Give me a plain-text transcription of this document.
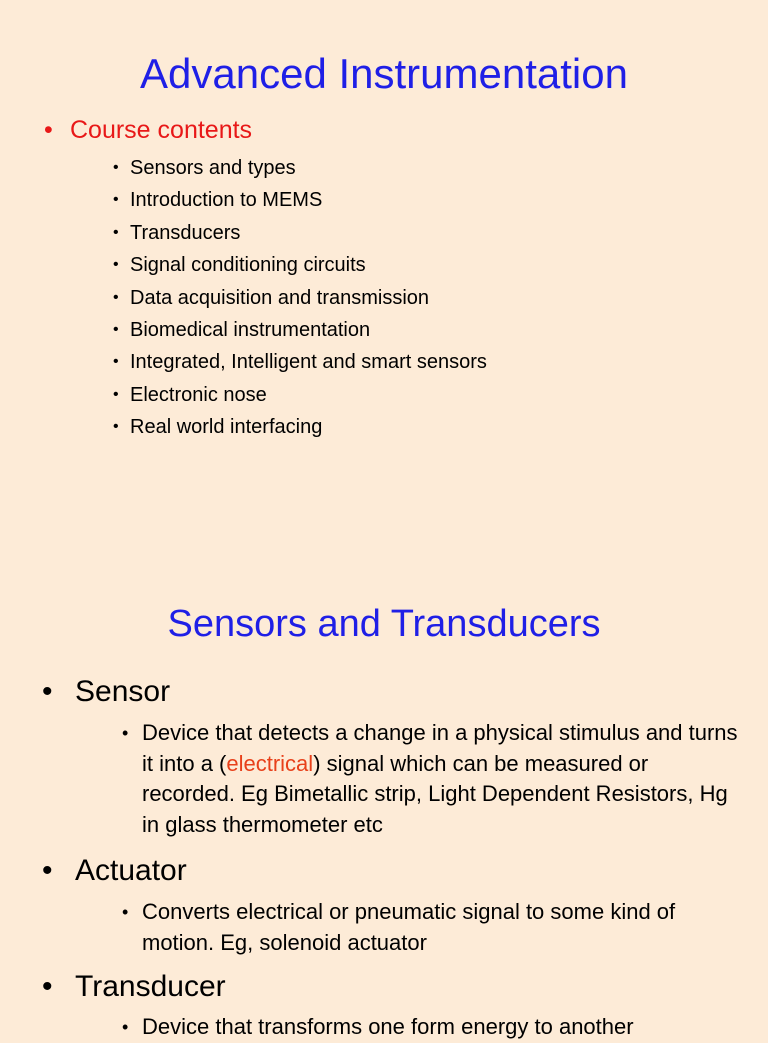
Advanced Instrumentation

• Course contents

• Sensors and types
• Introduction to MEMS
• Transducers
• Signal conditioning circuits
• Data acquisition and transmission
• Biomedical instrumentation
• Integrated, Intelligent and smart sensors
• Electronic nose
• Real world interfacing
Sensors and Transducers

• Sensor

• Device that detects a change in a physical stimulus and turns it into a (electrical) signal which can be measured or recorded. Eg Bimetallic strip, Light Dependent Resistors, Hg in glass thermometer etc

• Actuator

• Converts electrical or pneumatic signal to some kind of motion. Eg, solenoid actuator

• Transducer

• Device that transforms one form energy to another
